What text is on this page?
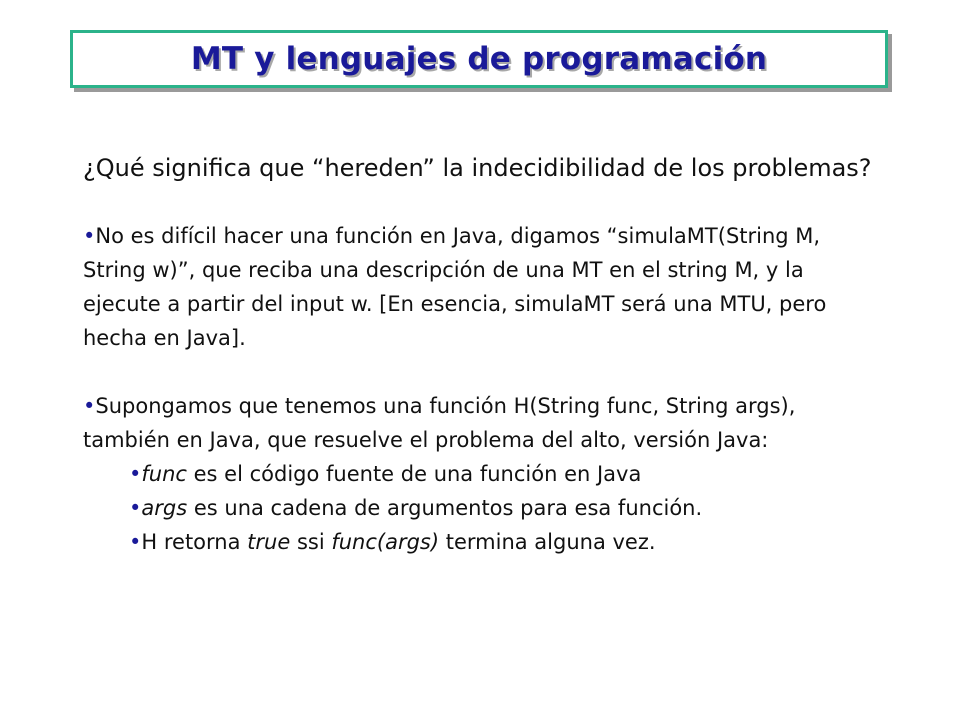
MT y lenguajes de programación

¿Qué significa que “hereden” la indecidibilidad de los problemas?

•No es difícil hacer una función en Java, digamos “simulaMT(String M, String w)”, que reciba una descripción de una MT en el string M, y la ejecute a partir del input w. [En esencia, simulaMT será una MTU, pero hecha en Java].

•Supongamos que tenemos una función H(String func, String args), también en Java, que resuelve el problema del alto, versión Java:

•func es el código fuente de una función en Java

•args es una cadena de argumentos para esa función.

•H retorna true ssi func(args) termina alguna vez.
